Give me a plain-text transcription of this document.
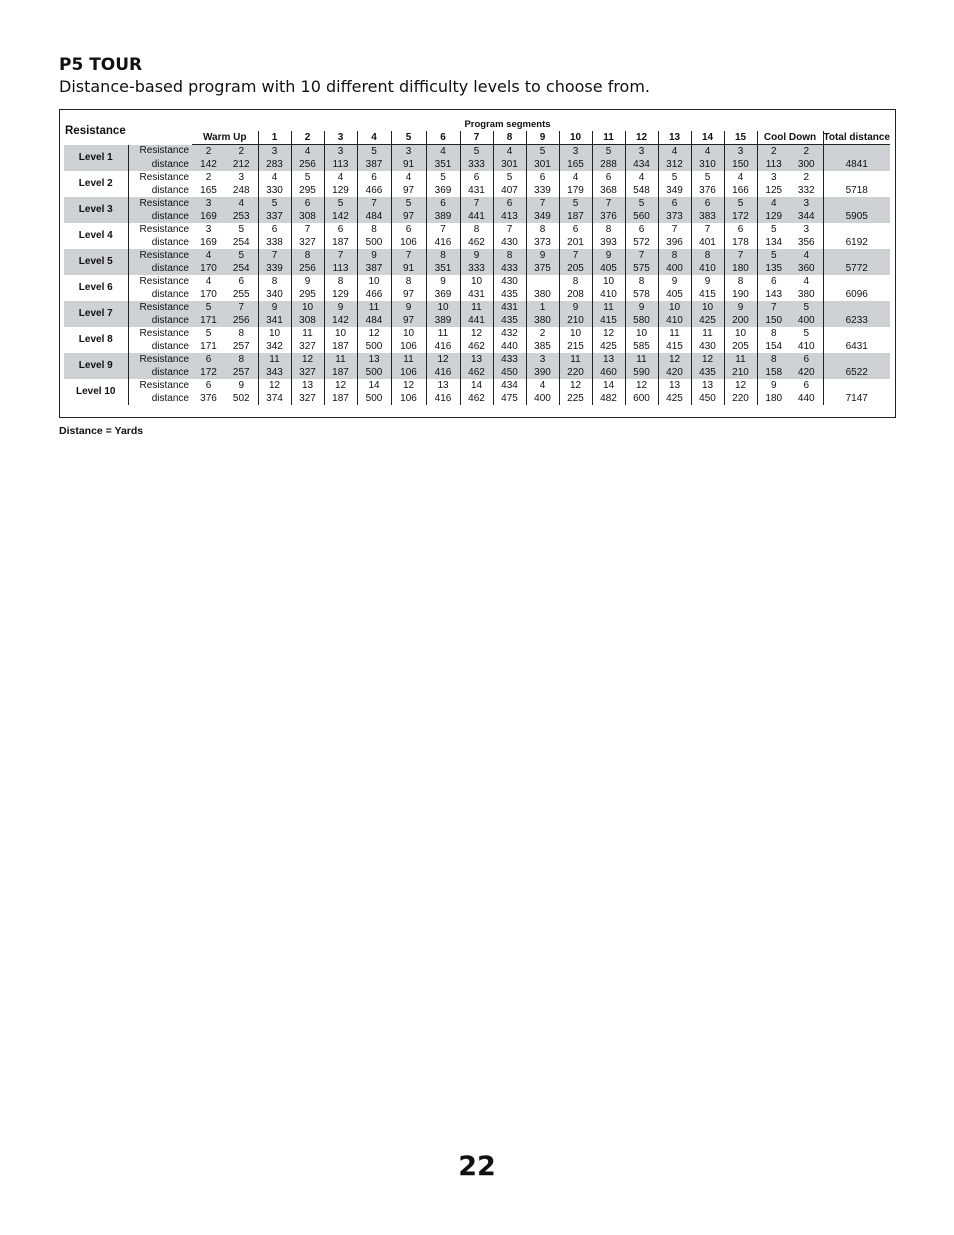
P5 TOUR
Distance-based program with 10 different difficulty levels to choose from.
Resistance		Program segments																			
		Warm Up		1	2	3	4	5	6	7	8	9	10	11	12	13	14	15	Cool Down		Total distance
Level 1	Resistance	2	2	3	4	3	5	3	4	5	4	5	3	5	3	4	4	3	2	2	
	distance	142	212	283	256	113	387	91	351	333	301	301	165	288	434	312	310	150	113	300	4841
Level 2	Resistance	2	3	4	5	4	6	4	5	6	5	6	4	6	4	5	5	4	3	2	
	distance	165	248	330	295	129	466	97	369	431	407	339	179	368	548	349	376	166	125	332	5718
Level 3	Resistance	3	4	5	6	5	7	5	6	7	6	7	5	7	5	6	6	5	4	3	
	distance	169	253	337	308	142	484	97	389	441	413	349	187	376	560	373	383	172	129	344	5905
Level 4	Resistance	3	5	6	7	6	8	6	7	8	7	8	6	8	6	7	7	6	5	3	
	distance	169	254	338	327	187	500	106	416	462	430	373	201	393	572	396	401	178	134	356	6192
Level 5	Resistance	4	5	7	8	7	9	7	8	9	8	9	7	9	7	8	8	7	5	4	
	distance	170	254	339	256	113	387	91	351	333	433	375	205	405	575	400	410	180	135	360	5772
Level 6	Resistance	4	6	8	9	8	10	8	9	10	430		8	10	8	9	9	8	6	4	
	distance	170	255	340	295	129	466	97	369	431	435	380	208	410	578	405	415	190	143	380	6096
Level 7	Resistance	5	7	9	10	9	11	9	10	11	431	1	9	11	9	10	10	9	7	5	
	distance	171	256	341	308	142	484	97	389	441	435	380	210	415	580	410	425	200	150	400	6233
Level 8	Resistance	5	8	10	11	10	12	10	11	12	432	2	10	12	10	11	11	10	8	5	
	distance	171	257	342	327	187	500	106	416	462	440	385	215	425	585	415	430	205	154	410	6431
Level 9	Resistance	6	8	11	12	11	13	11	12	13	433	3	11	13	11	12	12	11	8	6	
	distance	172	257	343	327	187	500	106	416	462	450	390	220	460	590	420	435	210	158	420	6522
Level 10	Resistance	6	9	12	13	12	14	12	13	14	434	4	12	14	12	13	13	12	9	6	
	distance	376	502	374	327	187	500	106	416	462	475	400	225	482	600	425	450	220	180	440	7147
Distance = Yards
22
